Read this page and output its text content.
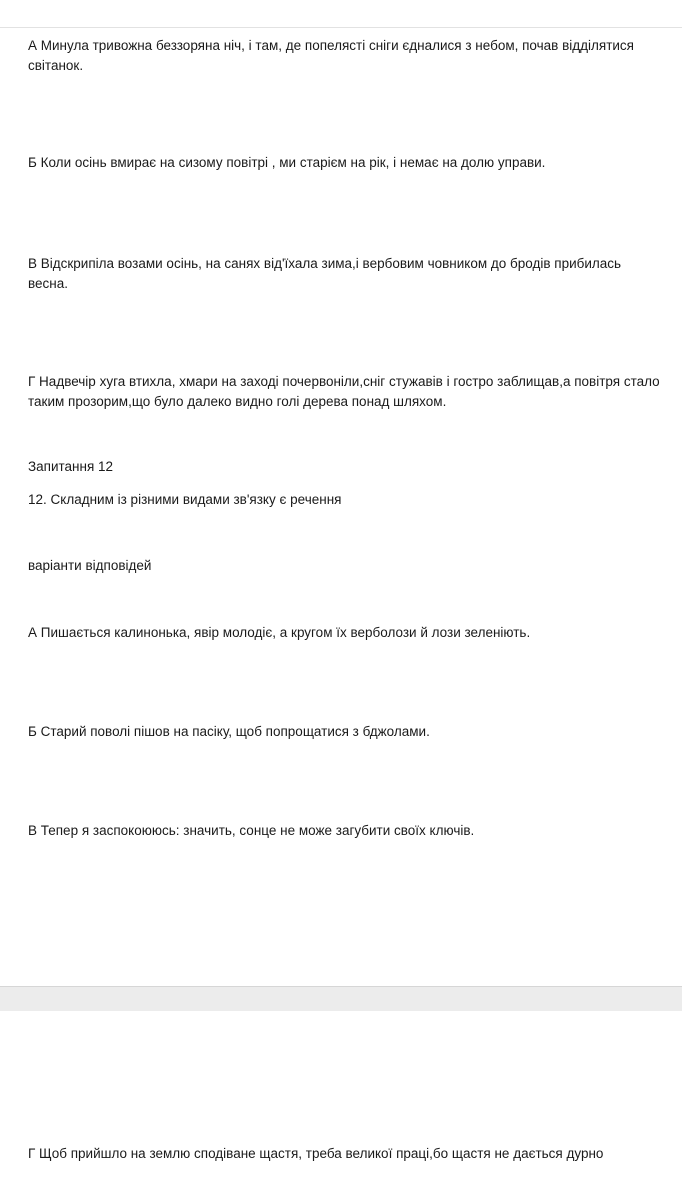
А Минула тривожна беззоряна ніч, і там, де попелясті сніги єдналися з небом, почав відділятися
світанок.
Б Коли осінь вмирає на сизому повітрі , ми старієм на рік, і немає на долю управи.
В Відскрипіла возами осінь, на санях від'їхала зима,і вербовим човником до бродів прибилась
весна.
Г Надвечір хуга втихла, хмари на заході почервоніли,сніг стужавів і гостро заблищав,а повітря стало
таким прозорим,що було далеко видно голі дерева понад шляхом.
Запитання 12
12. Складним із різними видами зв'язку є речення
варіанти відповідей
А Пишається калинонька, явір молодіє, а кругом їх верболози й лози зеленіють.
Б Старий поволі пішов на пасіку, щоб попрощатися з бджолами.
В Тепер я заспокоююсь: значить, сонце не може загубити своїх ключів.
Г Щоб прийшло на землю сподіване щастя, треба великої праці,бо щастя не дається дурно
